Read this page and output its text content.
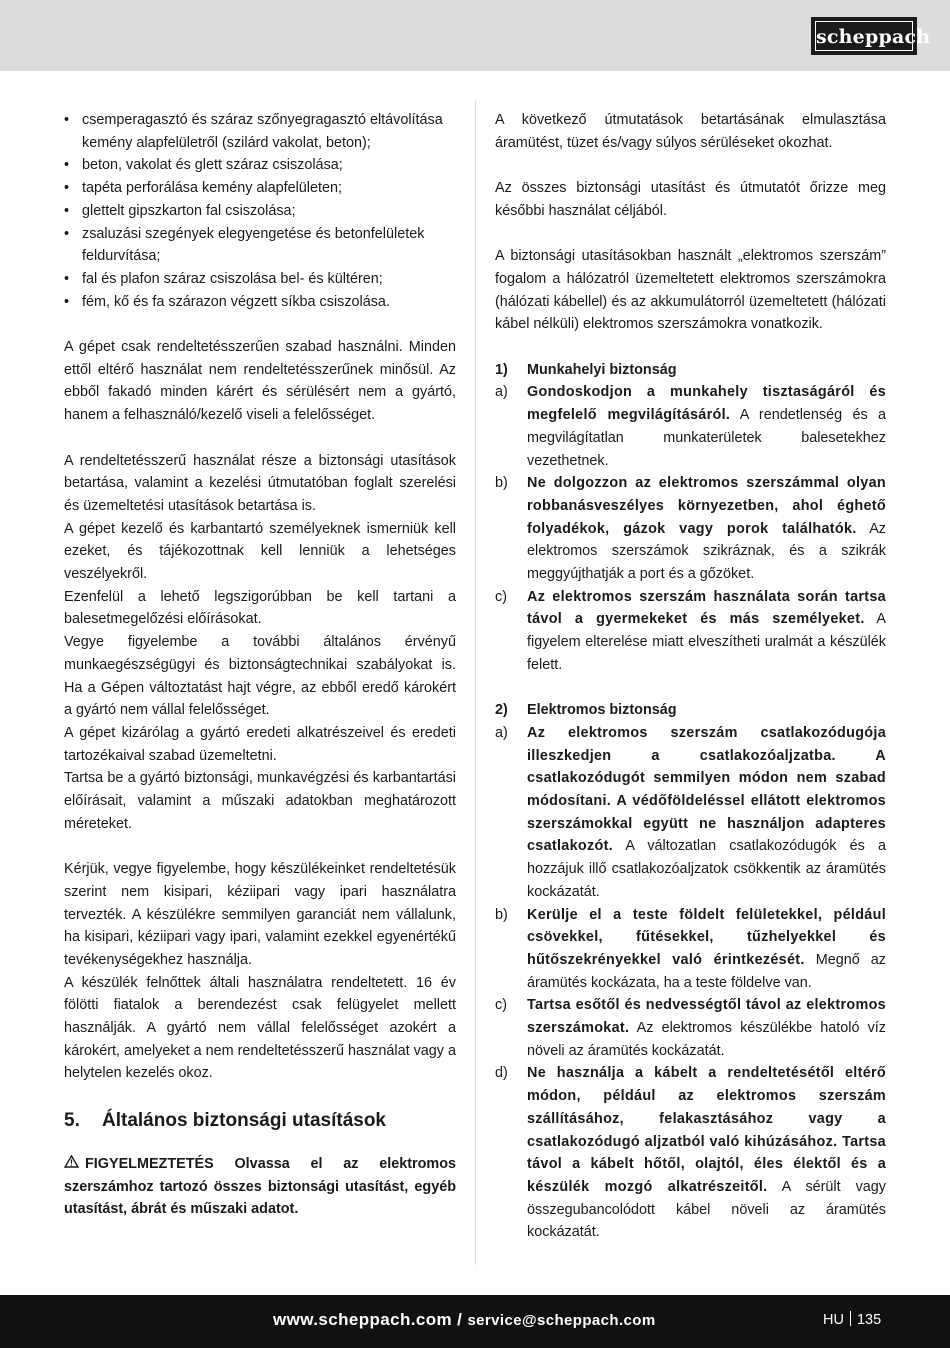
scheppach
• csemperagasztó és száraz szőnyegragasztó eltávolítása kemény alapfelületről (szilárd vakolat, beton);
• beton, vakolat és glett száraz csiszolása;
• tapéta perforálása kemény alapfelületen;
• glettelt gipszkarton fal csiszolása;
• zsaluzási szegények elegyengetése és betonfelületek feldurvítása;
• fal és plafon száraz csiszolása bel- és kültéren;
• fém, kő és fa szárazon végzett síkba csiszolása.

A gépet csak rendeltetésszerűen szabad használni. Minden ettől eltérő használat nem rendeltetésszerűnek minősül. Az ebből fakadó minden kárért és sérülésért nem a gyártó, hanem a felhasználó/kezelő viseli a felelősséget.

A rendeltetésszerű használat része a biztonsági utasítások betartása, valamint a kezelési útmutatóban foglalt szerelési és üzemeltetési utasítások betartása is.

A gépet kezelő és karbantartó személyeknek ismerniük kell ezeket, és tájékozottnak kell lenniük a lehetséges veszélyekről.

Ezenfelül a lehető legszigorúbban be kell tartani a balesetmegelőzési előírásokat.

Vegye figyelembe a további általános érvényű munkaegészségügyi és biztonságtechnikai szabályokat is. Ha a Gépen változtatást hajt végre, az ebből eredő károkért a gyártó nem vállal felelősséget.

A gépet kizárólag a gyártó eredeti alkatrészeivel és eredeti tartozékaival szabad üzemeltetni.

Tartsa be a gyártó biztonsági, munkavégzési és karbantartási előírásait, valamint a műszaki adatokban meghatározott méreteket.

Kérjük, vegye figyelembe, hogy készülékeinket rendeltetésük szerint nem kisipari, kéziipari vagy ipari használatra tervezték. A készülékre semmilyen garanciát nem vállalunk, ha kisipari, kéziipari vagy ipari, valamint ezekkel egyenértékű tevékenységekhez használja.

A készülék felnőttek általi használatra rendeltetett. 16 év fölötti fiatalok a berendezést csak felügyelet mellett használják. A gyártó nem vállal felelősséget azokért a károkért, amelyeket a nem rendeltetésszerű használat vagy a helytelen kezelés okoz.

5.	Általános biztonsági utasítások

FIGYELMEZTETÉS Olvassa el az elektromos szerszámhoz tartozó összes biztonsági utasítást, egyéb utasítást, ábrát és műszaki adatot.

A következő útmutatások betartásának elmulasztása áramütést, tüzet és/vagy súlyos sérüléseket okozhat.

Az összes biztonsági utasítást és útmutatót őrizze meg későbbi használat céljából.

A biztonsági utasításokban használt „elektromos szerszám” fogalom a hálózatról üzemeltetett elektromos szerszámokra (hálózati kábellel) és az akkumulátorról üzemeltetett (hálózati kábel nélküli) elektromos szerszámokra vonatkozik.

1)	Munkahelyi biztonság
a)	Gondoskodjon a munkahely tisztaságáról és megfelelő megvilágításáról. A rendetlenség és a megvilágítatlan munkaterületek balesetekhez vezethetnek.
b)	Ne dolgozzon az elektromos szerszámmal olyan robbanásveszélyes környezetben, ahol éghető folyadékok, gázok vagy porok találhatók. Az elektromos szerszámok szikráznak, és a szikrák meggyújthatják a port és a gőzöket.
c)	Az elektromos szerszám használata során tartsa távol a gyermekeket és más személyeket. A figyelem elterelése miatt elveszítheti uralmát a készülék felett.
2)	Elektromos biztonság
a)	Az elektromos szerszám csatlakozódugója illeszkedjen a csatlakozóaljzatba. A csatlakozódugót semmilyen módon nem szabad módosítani. A védőföldeléssel ellátott elektromos szerszámokkal együtt ne használjon adapteres csatlakozót. A változatlan csatlakozódugók és a hozzájuk illő csatlakozóaljzatok csökkentik az áramütés kockázatát.
b)	Kerülje el a teste földelt felületekkel, például csövekkel, fűtésekkel, tűzhelyekkel és hűtőszekrényekkel való érintkezését. Megnő az áramütés kockázata, ha a teste földelve van.
c)	Tartsa esőtől és nedvességtől távol az elektromos szerszámokat. Az elektromos készülékbe hatoló víz növeli az áramütés kockázatát.
d)	Ne használja a kábelt a rendeltetésétől eltérő módon, például az elektromos szerszám szállításához, felakasztásához vagy a csatlakozódugó aljzatból való kihúzásához. Tartsa távol a kábelt hőtől, olajtól, éles élektől és a készülék mozgó alkatrészeitől. A sérült vagy összegubancolódott kábel növeli az áramütés kockázatát.
www.scheppach.com / service@scheppach.com	HU 135
